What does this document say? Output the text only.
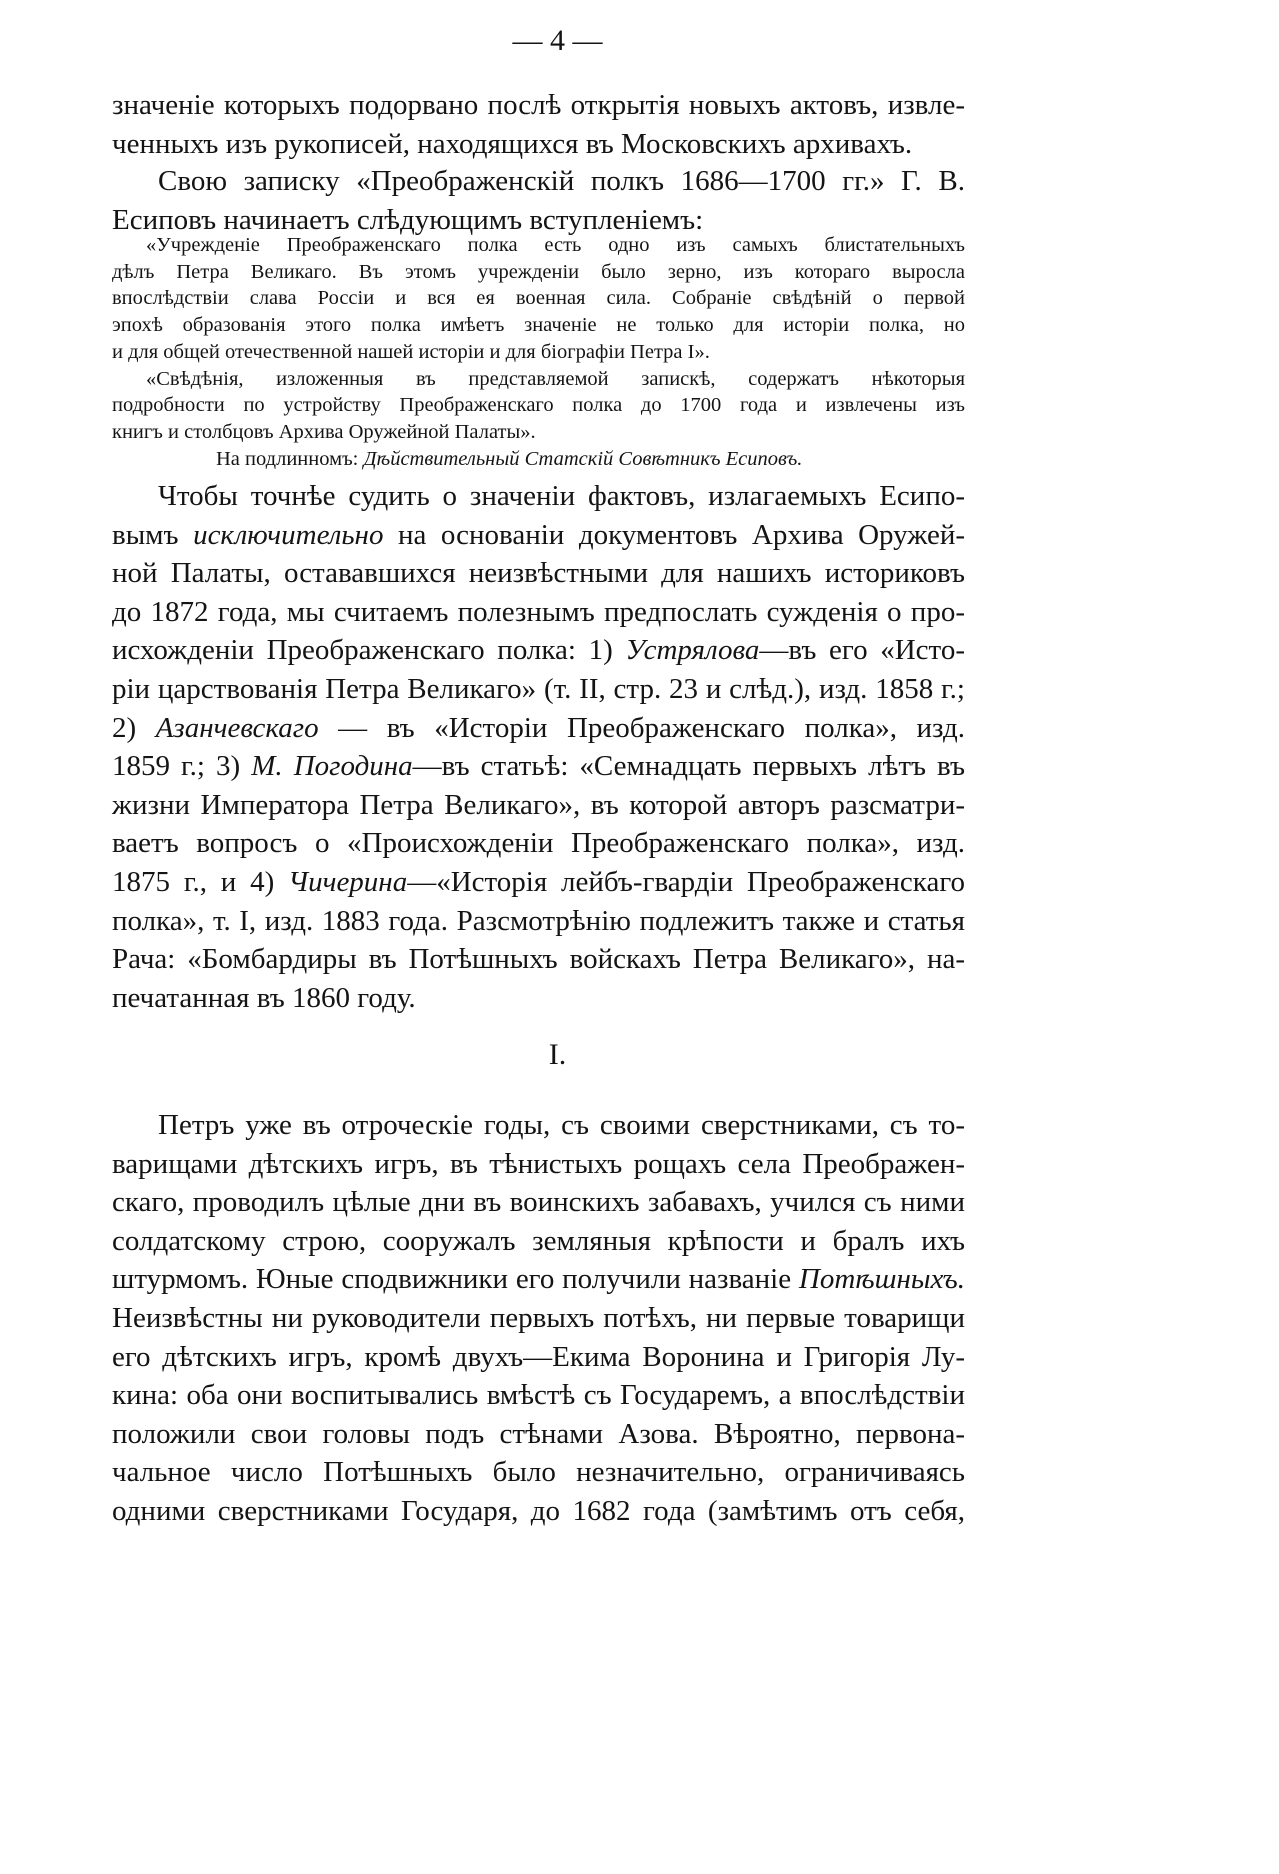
— 4 —
I.
значеніе которыхъ подорвано послѣ открытія новыхъ актовъ, извле-
ченныхъ изъ рукописей, находящихся въ Московскихъ архивахъ.
Свою записку «Преображенскій полкъ 1686—1700 гг.» Г. В.
Есиповъ начинаетъ слѣдующимъ вступленіемъ:
«Учрежденіе Преображенскаго полка есть одно изъ самыхъ блистательныхъ
дѣлъ Петра Великаго. Въ этомъ учрежденіи было зерно, изъ котораго выросла
впослѣдствіи слава Россіи и вся ея военная сила. Собраніе свѣдѣній о первой
эпохѣ образованія этого полка имѣетъ значеніе не только для исторіи полка, но
и для общей отечественной нашей исторіи и для біографіи Петра I».
«Свѣдѣнія, изложенныя въ представляемой запискѣ, содержатъ нѣкоторыя
подробности по устройству Преображенскаго полка до 1700 года и извлечены изъ
книгъ и столбцовъ Архива Оружейной Палаты».
На подлинномъ: Дѣйствительный Статскій Совѣтникъ Есиповъ.
Чтобы точнѣе судить о значеніи фактовъ, излагаемыхъ Есипо-
вымъ исключительно на основаніи документовъ Архива Оружей-
ной Палаты, остававшихся неизвѣстными для нашихъ историковъ
до 1872 года, мы считаемъ полезнымъ предпослать сужденія о про-
исхожденіи Преображенскаго полка: 1) Устрялова—въ его «Исто-
ріи царствованія Петра Великаго» (т. II, стр. 23 и слѣд.), изд. 1858 г.;
2) Азанчевскаго — въ «Исторіи Преображенскаго полка», изд.
1859 г.; 3) М. Погодина—въ статьѣ: «Семнадцать первыхъ лѣтъ въ
жизни Императора Петра Великаго», въ которой авторъ разсматри-
ваетъ вопросъ о «Происхожденіи Преображенскаго полка», изд.
1875 г., и 4) Чичерина—«Исторія лейбъ-гвардіи Преображенскаго
полка», т. I, изд. 1883 года. Разсмотрѣнію подлежитъ также и статья
Рача: «Бомбардиры въ Потѣшныхъ войскахъ Петра Великаго», на-
печатанная въ 1860 году.
Петръ уже въ отроческіе годы, съ своими сверстниками, съ то-
варищами дѣтскихъ игръ, въ тѣнистыхъ рощахъ села Преображен-
скаго, проводилъ цѣлые дни въ воинскихъ забавахъ, учился съ ними
солдатскому строю, сооружалъ земляныя крѣпости и бралъ ихъ
штурмомъ. Юные сподвижники его получили названіе Потѣшныхъ.
Неизвѣстны ни руководители первыхъ потѣхъ, ни первые товарищи
его дѣтскихъ игръ, кромѣ двухъ—Екима Воронина и Григорія Лу-
кина: оба они воспитывались вмѣстѣ съ Государемъ, а впослѣдствіи
положили свои головы подъ стѣнами Азова. Вѣроятно, первона-
чальное число Потѣшныхъ было незначительно, ограничиваясь
одними сверстниками Государя, до 1682 года (замѣтимъ отъ себя,
